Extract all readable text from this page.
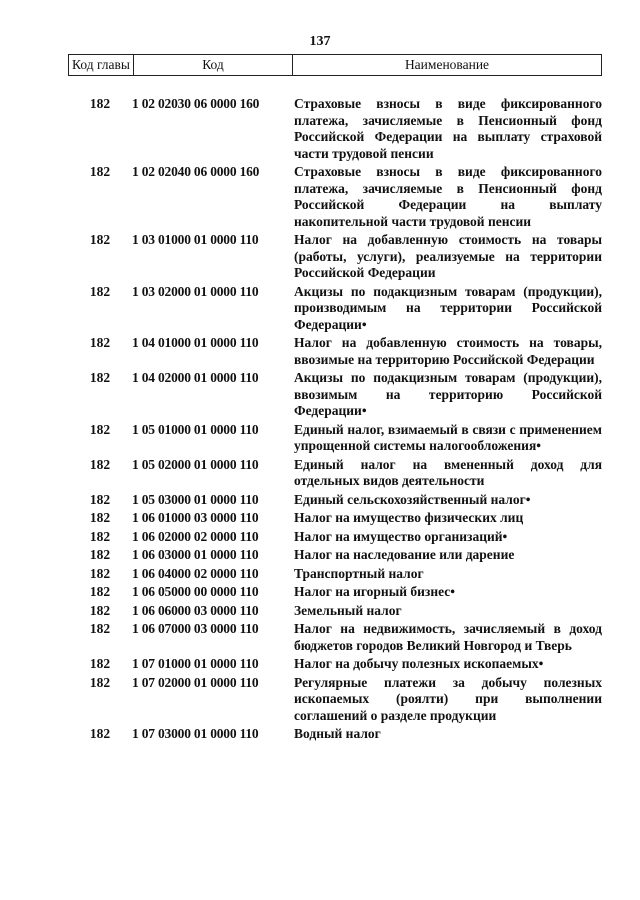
137
Код главы	Код	Наименование
182	1 02 02030 06 0000 160	Страховые взносы в виде фиксированного платежа, зачисляемые в Пенсионный фонд Российской Федерации на выплату страховой части трудовой пенсии
182	1 02 02040 06 0000 160	Страховые взносы в виде фиксированного платежа, зачисляемые в Пенсионный фонд Российской Федерации на выплату накопительной части трудовой пенсии
182	1 03 01000 01 0000 110	Налог на добавленную стоимость на товары (работы, услуги), реализуемые на территории Российской Федерации
182	1 03 02000 01 0000 110	Акцизы по подакцизным товарам (продукции), производимым на территории Российской Федерации•
182	1 04 01000 01 0000 110	Налог на добавленную стоимость на товары, ввозимые на территорию Российской Федерации
182	1 04 02000 01 0000 110	Акцизы по подакцизным товарам (продукции), ввозимым на территорию Российской Федерации•
182	1 05 01000 01 0000 110	Единый налог, взимаемый в связи с применением упрощенной системы налогообложения•
182	1 05 02000 01 0000 110	Единый налог на вмененный доход для отдельных видов деятельности
182	1 05 03000 01 0000 110	Единый сельскохозяйственный налог•
182	1 06 01000 03 0000 110	Налог на имущество физических лиц
182	1 06 02000 02 0000 110	Налог на имущество организаций•
182	1 06 03000 01 0000 110	Налог на наследование или дарение
182	1 06 04000 02 0000 110	Транспортный налог
182	1 06 05000 00 0000 110	Налог на игорный бизнес•
182	1 06 06000 03 0000 110	Земельный налог
182	1 06 07000 03 0000 110	Налог на недвижимость, зачисляемый в доход бюджетов городов Великий Новгород и Тверь
182	1 07 01000 01 0000 110	Налог на добычу полезных ископаемых•
182	1 07 02000 01 0000 110	Регулярные платежи за добычу полезных ископаемых (роялти) при выполнении соглашений о разделе продукции
182	1 07 03000 01 0000 110	Водный налог
